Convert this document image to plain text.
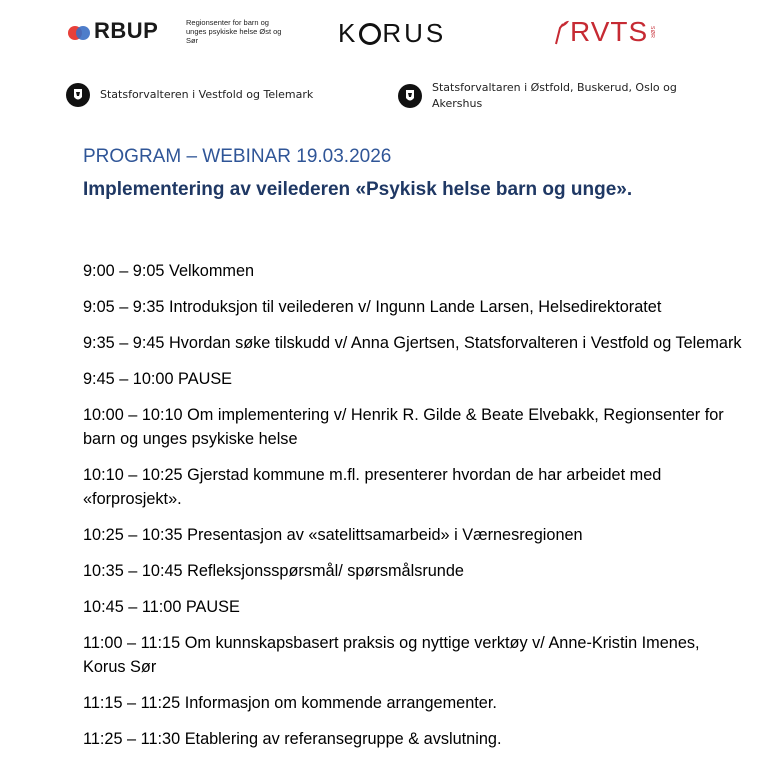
RBUP	Regionsenter for barn og unges psykiske helse Øst og Sør	K RUS	RVTS SØR
Statsforvalteren i Vestfold og Telemark
Statsforvaltaren i Østfold, Buskerud, Oslo og Akershus
PROGRAM – WEBINAR 19.03.2026
Implementering av veilederen «Psykisk helse barn og unge».
9:00 – 9:05 Velkommen
9:05 – 9:35 Introduksjon til veilederen v/ Ingunn Lande Larsen, Helsedirektoratet
9:35 – 9:45 Hvordan søke tilskudd v/ Anna Gjertsen, Statsforvalteren i Vestfold og Telemark
9:45 – 10:00 PAUSE
10:00 – 10:10 Om implementering v/ Henrik R. Gilde & Beate Elvebakk, Regionsenter for barn og unges psykiske helse
10:10 – 10:25 Gjerstad kommune m.fl. presenterer hvordan de har arbeidet med «forprosjekt».
10:25 – 10:35 Presentasjon av «satelittsamarbeid» i Værnesregionen
10:35 – 10:45 Refleksjonsspørsmål/ spørsmålsrunde
10:45 – 11:00 PAUSE
11:00 – 11:15 Om kunnskapsbasert praksis og nyttige verktøy v/ Anne-Kristin Imenes, Korus Sør
11:15 – 11:25 Informasjon om kommende arrangementer.
11:25 – 11:30 Etablering av referansegruppe & avslutning.
